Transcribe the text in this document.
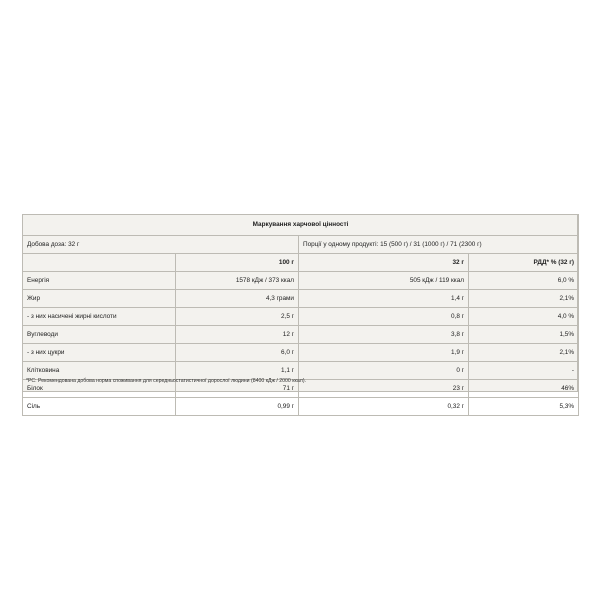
Маркування харчової цінності			
Добова доза: 32 г		Порції у одному продукті: 15 (500 г) / 31 (1000 г) / 71 (2300 г)	
	100 г	32 г	РДД* % (32 г)
Енергія	1578 кДж / 373 ккал	505 кДж / 119 ккал	6,0 %
Жир	4,3 грами	1,4 г	2,1%
- з них насичені жирні кислоти	2,5 г	0,8 г	4,0 %
Вуглеводи	12 г	3,8 г	1,5%
- з них цукри	6,0 г	1,9 г	2,1%
Клітковина	1,1 г	0 г	-
Білок	71 г	23 г	46%
Сіль	0,99 г	0,32 г	5,3%
*РС: Рекомендована добова норма споживання для середньостатистичної дорослої людини (8400 кДж / 2000 ккал).
